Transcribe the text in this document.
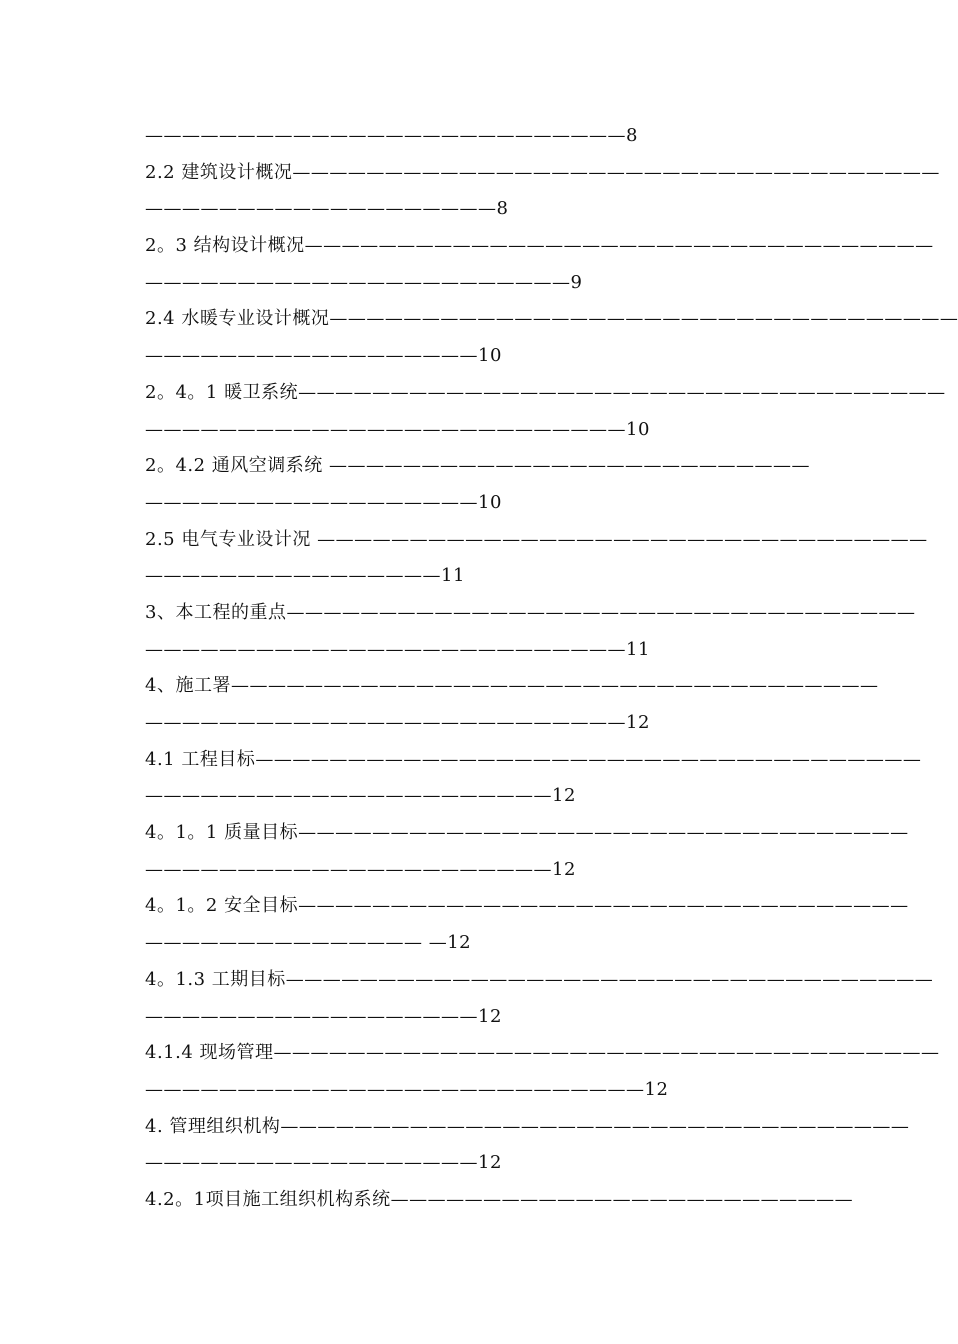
——————————————————————————8
2.2 建筑设计概况———————————————————————————————————
———————————————————8
2。3 结构设计概况——————————————————————————————————
———————————————————————9
2.4 水暖专业设计概况——————————————————————————————————
——————————————————10
2。4。1 暖卫系统———————————————————————————————————
——————————————————————————10
2。4.2 通风空调系统 ——————————————————————————
——————————————————10
2.5 电气专业设计况 —————————————————————————————————
————————————————11
3、本工程的重点——————————————————————————————————
——————————————————————————11
4、施工署———————————————————————————————————
——————————————————————————12
4.1 工程目标————————————————————————————————————
——————————————————————12
4。1。1 质量目标—————————————————————————————————
——————————————————————12
4。1。2 安全目标—————————————————————————————————
——————————————— —12
4。1.3 工期目标———————————————————————————————————
——————————————————12
4.1.4 现场管理————————————————————————————————————
———————————————————————————12
4. 管理组织机构——————————————————————————————————
——————————————————12
4.2。1项目施工组织机构系统—————————————————————————
